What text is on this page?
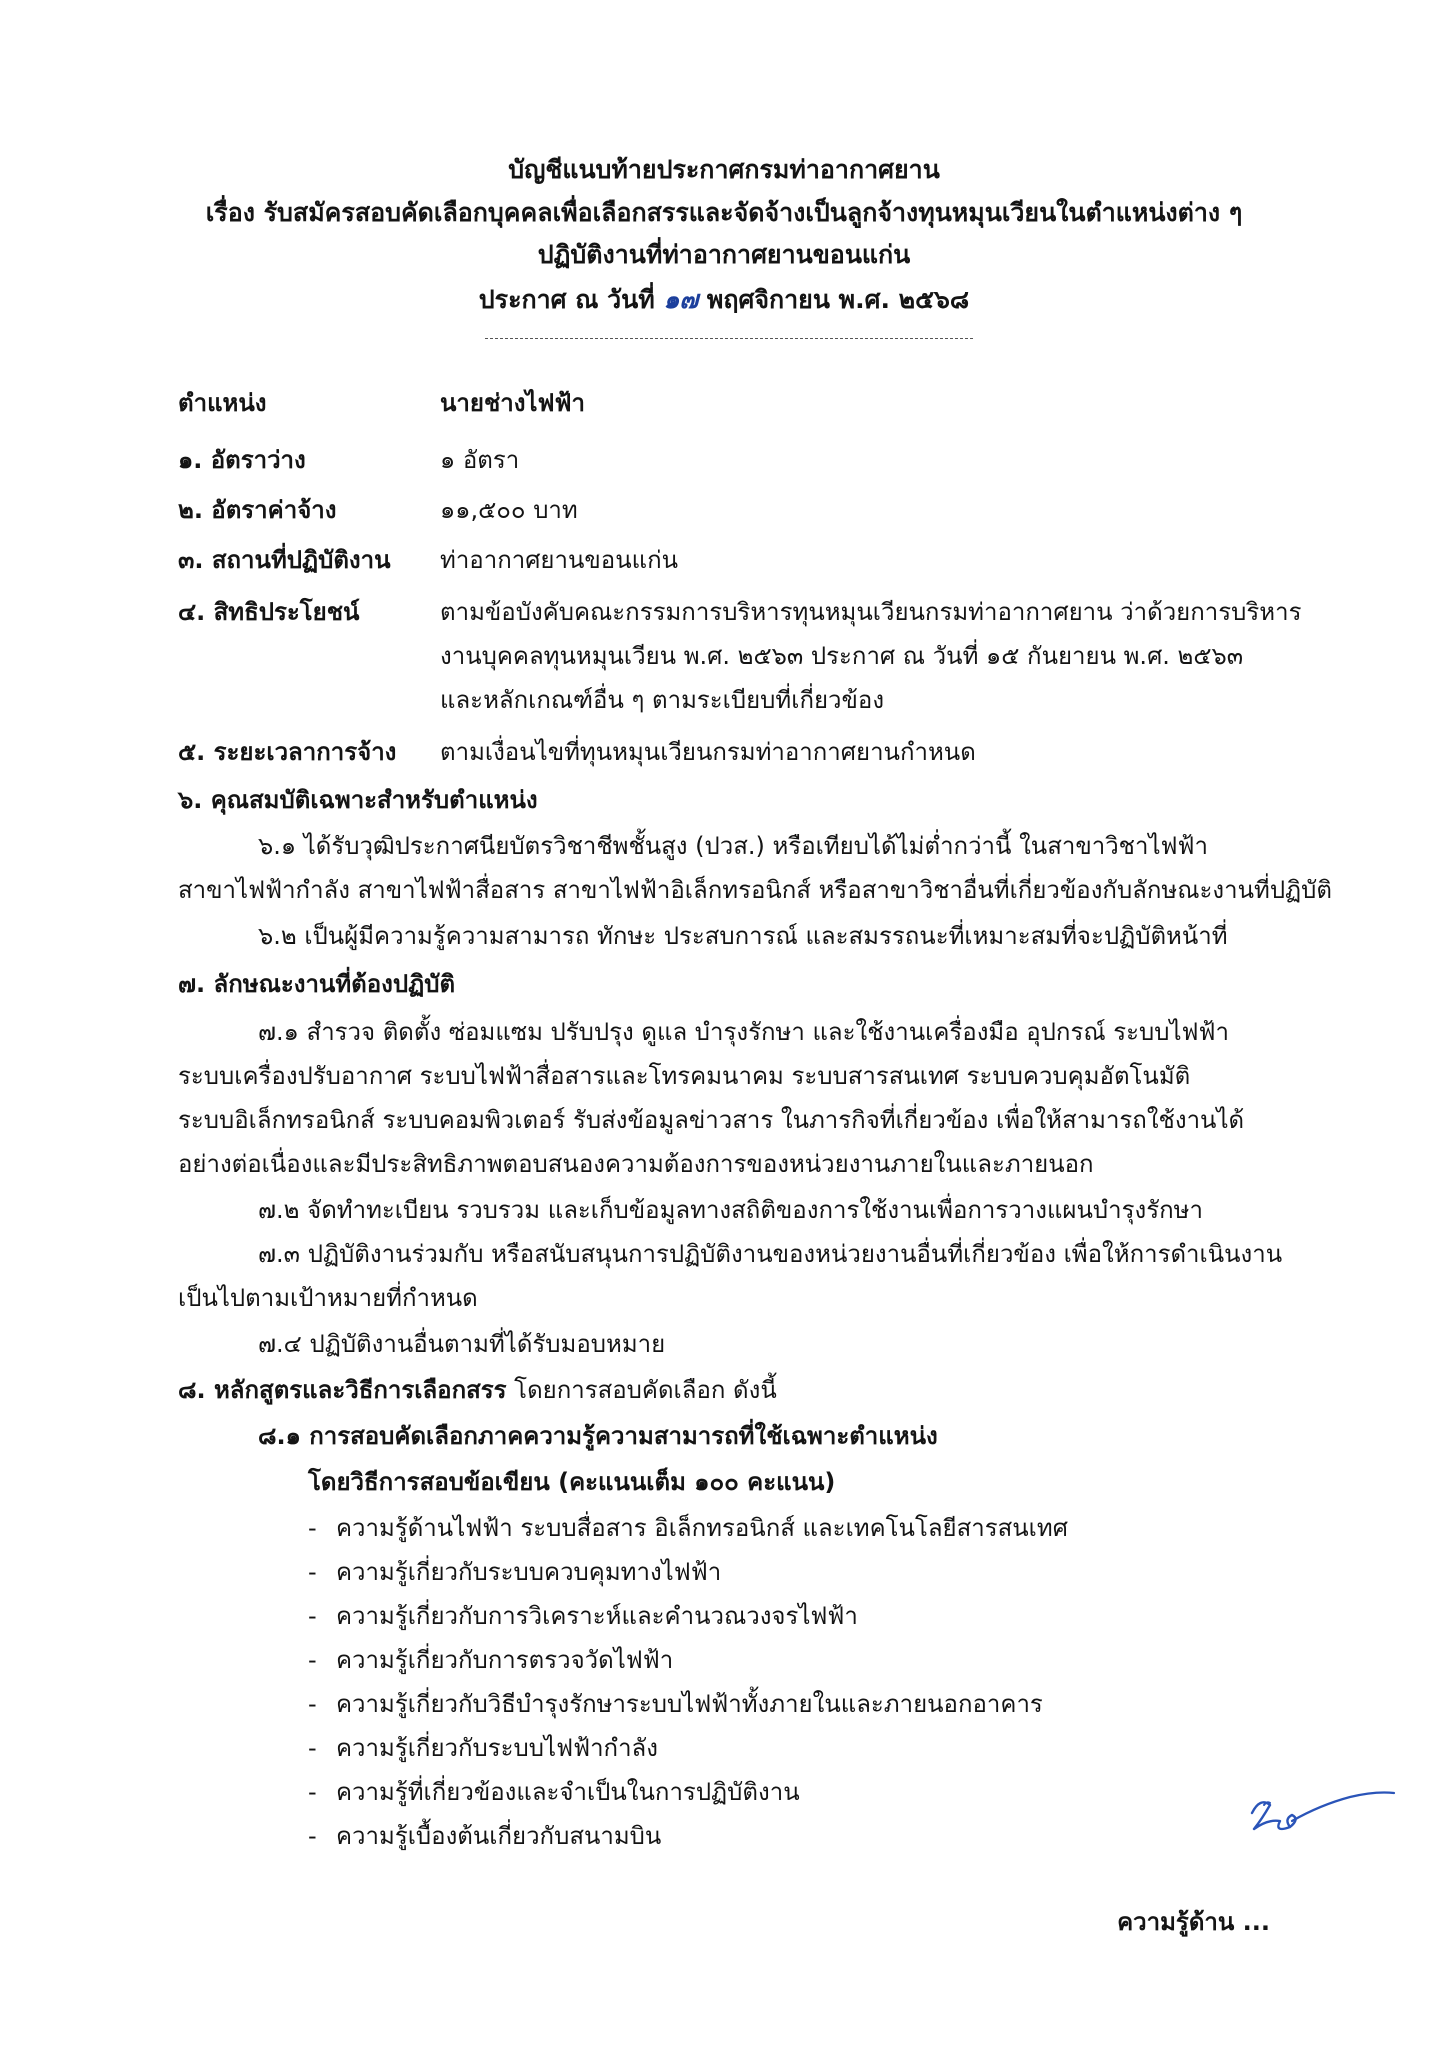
บัญชีแนบท้ายประกาศกรมท่าอากาศยาน
เรื่อง รับสมัครสอบคัดเลือกบุคคลเพื่อเลือกสรรและจัดจ้างเป็นลูกจ้างทุนหมุนเวียนในตำแหน่งต่าง ๆ
ปฏิบัติงานที่ท่าอากาศยานขอนแก่น
ประกาศ ณ วันที่ ๑๗ พฤศจิกายน พ.ศ. ๒๕๖๘
ตำแหน่ง	นายช่างไฟฟ้า
๑. อัตราว่าง	๑ อัตรา
๒. อัตราค่าจ้าง	๑๑,๕๐๐ บาท
๓. สถานที่ปฏิบัติงาน ท่าอากาศยานขอนแก่น
๔. สิทธิประโยชน์	ตามข้อบังคับคณะกรรมการบริหารทุนหมุนเวียนกรมท่าอากาศยาน ว่าด้วยการบริหาร
งานบุคคลทุนหมุนเวียน พ.ศ. ๒๕๖๓ ประกาศ ณ วันที่ ๑๕ กันยายน พ.ศ. ๒๕๖๓
และหลักเกณฑ์อื่น ๆ ตามระเบียบที่เกี่ยวข้อง
๕. ระยะเวลาการจ้าง ตามเงื่อนไขที่ทุนหมุนเวียนกรมท่าอากาศยานกำหนด
๖. คุณสมบัติเฉพาะสำหรับตำแหน่ง
๖.๑ ได้รับวุฒิประกาศนียบัตรวิชาชีพชั้นสูง (ปวส.) หรือเทียบได้ไม่ต่ำกว่านี้ ในสาขาวิชาไฟฟ้า
สาขาไฟฟ้ากำลัง สาขาไฟฟ้าสื่อสาร สาขาไฟฟ้าอิเล็กทรอนิกส์ หรือสาขาวิชาอื่นที่เกี่ยวข้องกับลักษณะงานที่ปฏิบัติ
๖.๒ เป็นผู้มีความรู้ความสามารถ ทักษะ ประสบการณ์ และสมรรถนะที่เหมาะสมที่จะปฏิบัติหน้าที่
๗. ลักษณะงานที่ต้องปฏิบัติ
๗.๑ สำรวจ ติดตั้ง ซ่อมแซม ปรับปรุง ดูแล บำรุงรักษา และใช้งานเครื่องมือ อุปกรณ์ ระบบไฟฟ้า
ระบบเครื่องปรับอากาศ ระบบไฟฟ้าสื่อสารและโทรคมนาคม ระบบสารสนเทศ ระบบควบคุมอัตโนมัติ
ระบบอิเล็กทรอนิกส์ ระบบคอมพิวเตอร์ รับส่งข้อมูลข่าวสาร ในภารกิจที่เกี่ยวข้อง เพื่อให้สามารถใช้งานได้
อย่างต่อเนื่องและมีประสิทธิภาพตอบสนองความต้องการของหน่วยงานภายในและภายนอก
๗.๒ จัดทำทะเบียน รวบรวม และเก็บข้อมูลทางสถิติของการใช้งานเพื่อการวางแผนบำรุงรักษา
๗.๓ ปฏิบัติงานร่วมกับ หรือสนับสนุนการปฏิบัติงานของหน่วยงานอื่นที่เกี่ยวข้อง เพื่อให้การดำเนินงาน
เป็นไปตามเป้าหมายที่กำหนด
๗.๔ ปฏิบัติงานอื่นตามที่ได้รับมอบหมาย
๘. หลักสูตรและวิธีการเลือกสรร โดยการสอบคัดเลือก ดังนี้
๘.๑ การสอบคัดเลือกภาคความรู้ความสามารถที่ใช้เฉพาะตำแหน่ง
โดยวิธีการสอบข้อเขียน (คะแนนเต็ม ๑๐๐ คะแนน)
- ความรู้ด้านไฟฟ้า ระบบสื่อสาร อิเล็กทรอนิกส์ และเทคโนโลยีสารสนเทศ
- ความรู้เกี่ยวกับระบบควบคุมทางไฟฟ้า
- ความรู้เกี่ยวกับการวิเคราะห์และคำนวณวงจรไฟฟ้า
- ความรู้เกี่ยวกับการตรวจวัดไฟฟ้า
- ความรู้เกี่ยวกับวิธีบำรุงรักษาระบบไฟฟ้าทั้งภายในและภายนอกอาคาร
- ความรู้เกี่ยวกับระบบไฟฟ้ากำลัง
- ความรู้ที่เกี่ยวข้องและจำเป็นในการปฏิบัติงาน
- ความรู้เบื้องต้นเกี่ยวกับสนามบิน
ความรู้ด้าน ...
